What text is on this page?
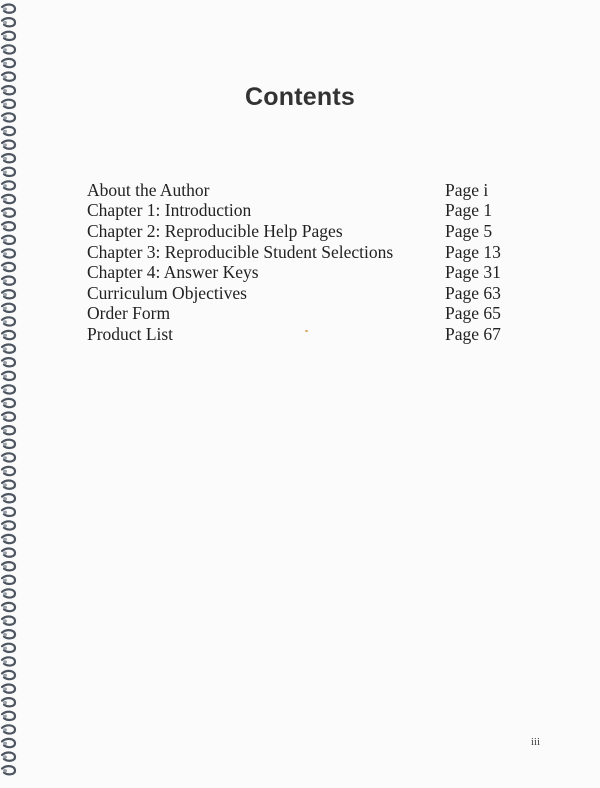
Contents
About the Author	Page i
Chapter 1: Introduction	Page 1
Chapter 2: Reproducible Help Pages	Page 5
Chapter 3: Reproducible Student Selections	Page 13
Chapter 4: Answer Keys	Page 31
Curriculum Objectives	Page 63
Order Form	Page 65
Product List	Page 67
iii
